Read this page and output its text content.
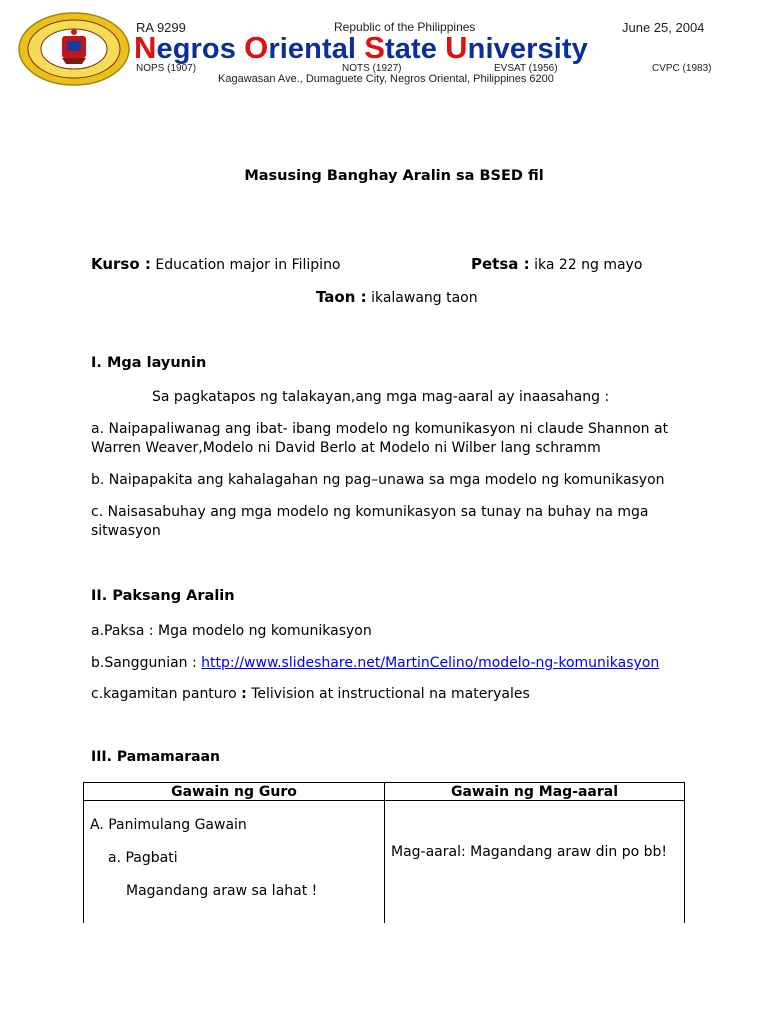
RA 9299	Republic of the Philippines	June 25, 2004
Negros Oriental State University
NOPS (1907)	NOTS (1927)	EVSAT (1956)	CVPC (1983)
Kagawasan Ave., Dumaguete City, Negros Oriental, Philippines 6200
Masusing Banghay Aralin sa BSED fil
Kurso : Education major in Filipino	Petsa : ika 22 ng mayo
Taon : ikalawang taon
I. Mga layunin
Sa pagkatapos ng talakayan,ang mga mag-aaral ay inaasahang :
a. Naipapaliwanag ang ibat- ibang modelo ng komunikasyon ni claude Shannon at
Warren Weaver,Modelo ni David Berlo at Modelo ni Wilber lang schramm
b. Naipapakita ang kahalagahan ng pag–unawa sa mga modelo ng komunikasyon
c. Naisasabuhay ang mga modelo ng komunikasyon sa tunay na buhay na mga
sitwasyon
II. Paksang Aralin
a.Paksa : Mga modelo ng komunikasyon
b.Sanggunian : http://www.slideshare.net/MartinCelino/modelo-ng-komunikasyon
c.kagamitan panturo : Telivision at instructional na materyales
III. Pamamaraan
Gawain ng Guro	Gawain ng Mag-aaral

A. Panimulang Gawain
a. Pagbati
Magandang araw sa lahat !	Mag-aaral: Magandang araw din po bb!
